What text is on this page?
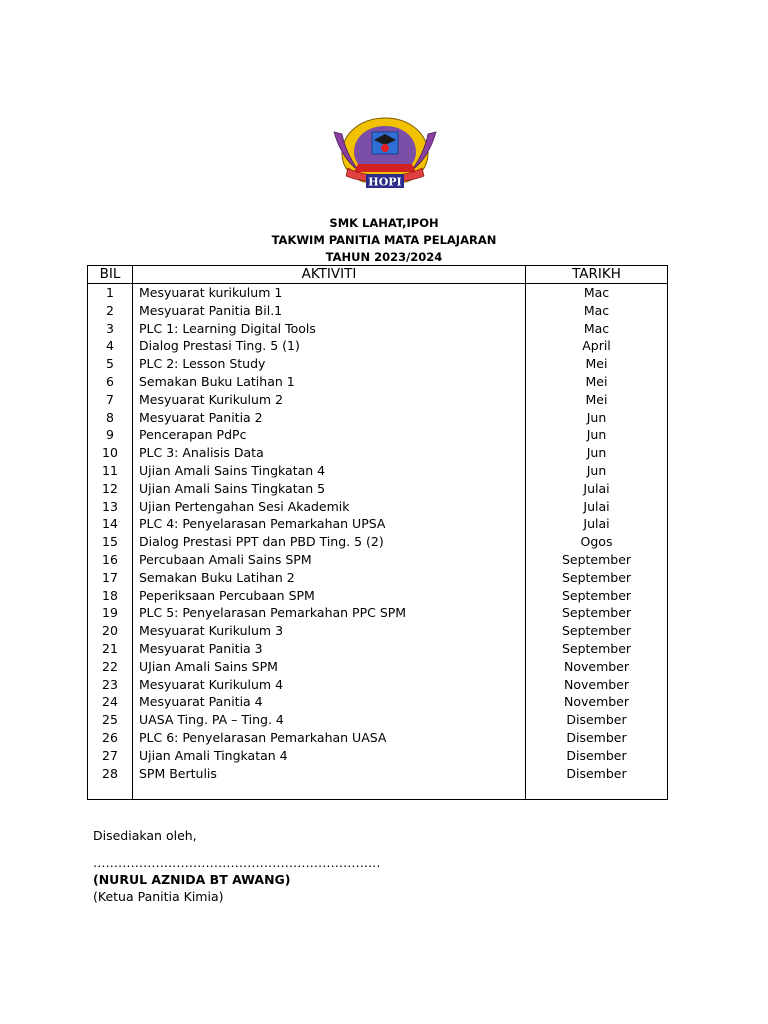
HOPI
SMK LAHAT,IPOH
TAKWIM PANITIA MATA PELAJARAN
TAHUN 2023/2024
BIL	AKTIVITI	TARIKH
1	Mesyuarat kurikulum 1	Mac
2	Mesyuarat Panitia Bil.1	Mac
3	PLC 1: Learning Digital Tools	Mac
4	Dialog Prestasi Ting. 5 (1)	April
5	PLC 2: Lesson Study	Mei
6	Semakan Buku Latihan 1	Mei
7	Mesyuarat Kurikulum 2	Mei
8	Mesyuarat Panitia 2	Jun
9	Pencerapan PdPc	Jun
10	PLC 3: Analisis Data	Jun
11	Ujian Amali Sains Tingkatan 4	Jun
12	Ujian Amali Sains Tingkatan 5	Julai
13	Ujian Pertengahan Sesi Akademik	Julai
14	PLC 4: Penyelarasan Pemarkahan UPSA	Julai
15	Dialog Prestasi PPT dan PBD Ting. 5 (2)	Ogos
16	Percubaan Amali Sains SPM	September
17	Semakan Buku Latihan 2	September
18	Peperiksaan Percubaan SPM	September
19	PLC 5: Penyelarasan Pemarkahan PPC SPM	September
20	Mesyuarat Kurikulum 3	September
21	Mesyuarat Panitia 3	September
22	UJian Amali Sains SPM	November
23	Mesyuarat Kurikulum 4	November
24	Mesyuarat Panitia 4	November
25	UASA Ting. PA – Ting. 4	Disember
26	PLC 6: Penyelarasan Pemarkahan UASA	Disember
27	Ujian Amali Tingkatan 4	Disember
28	SPM Bertulis	Disember

Disediakan oleh,
……………………………………………………………
(NURUL AZNIDA BT AWANG)
(Ketua Panitia Kimia)
